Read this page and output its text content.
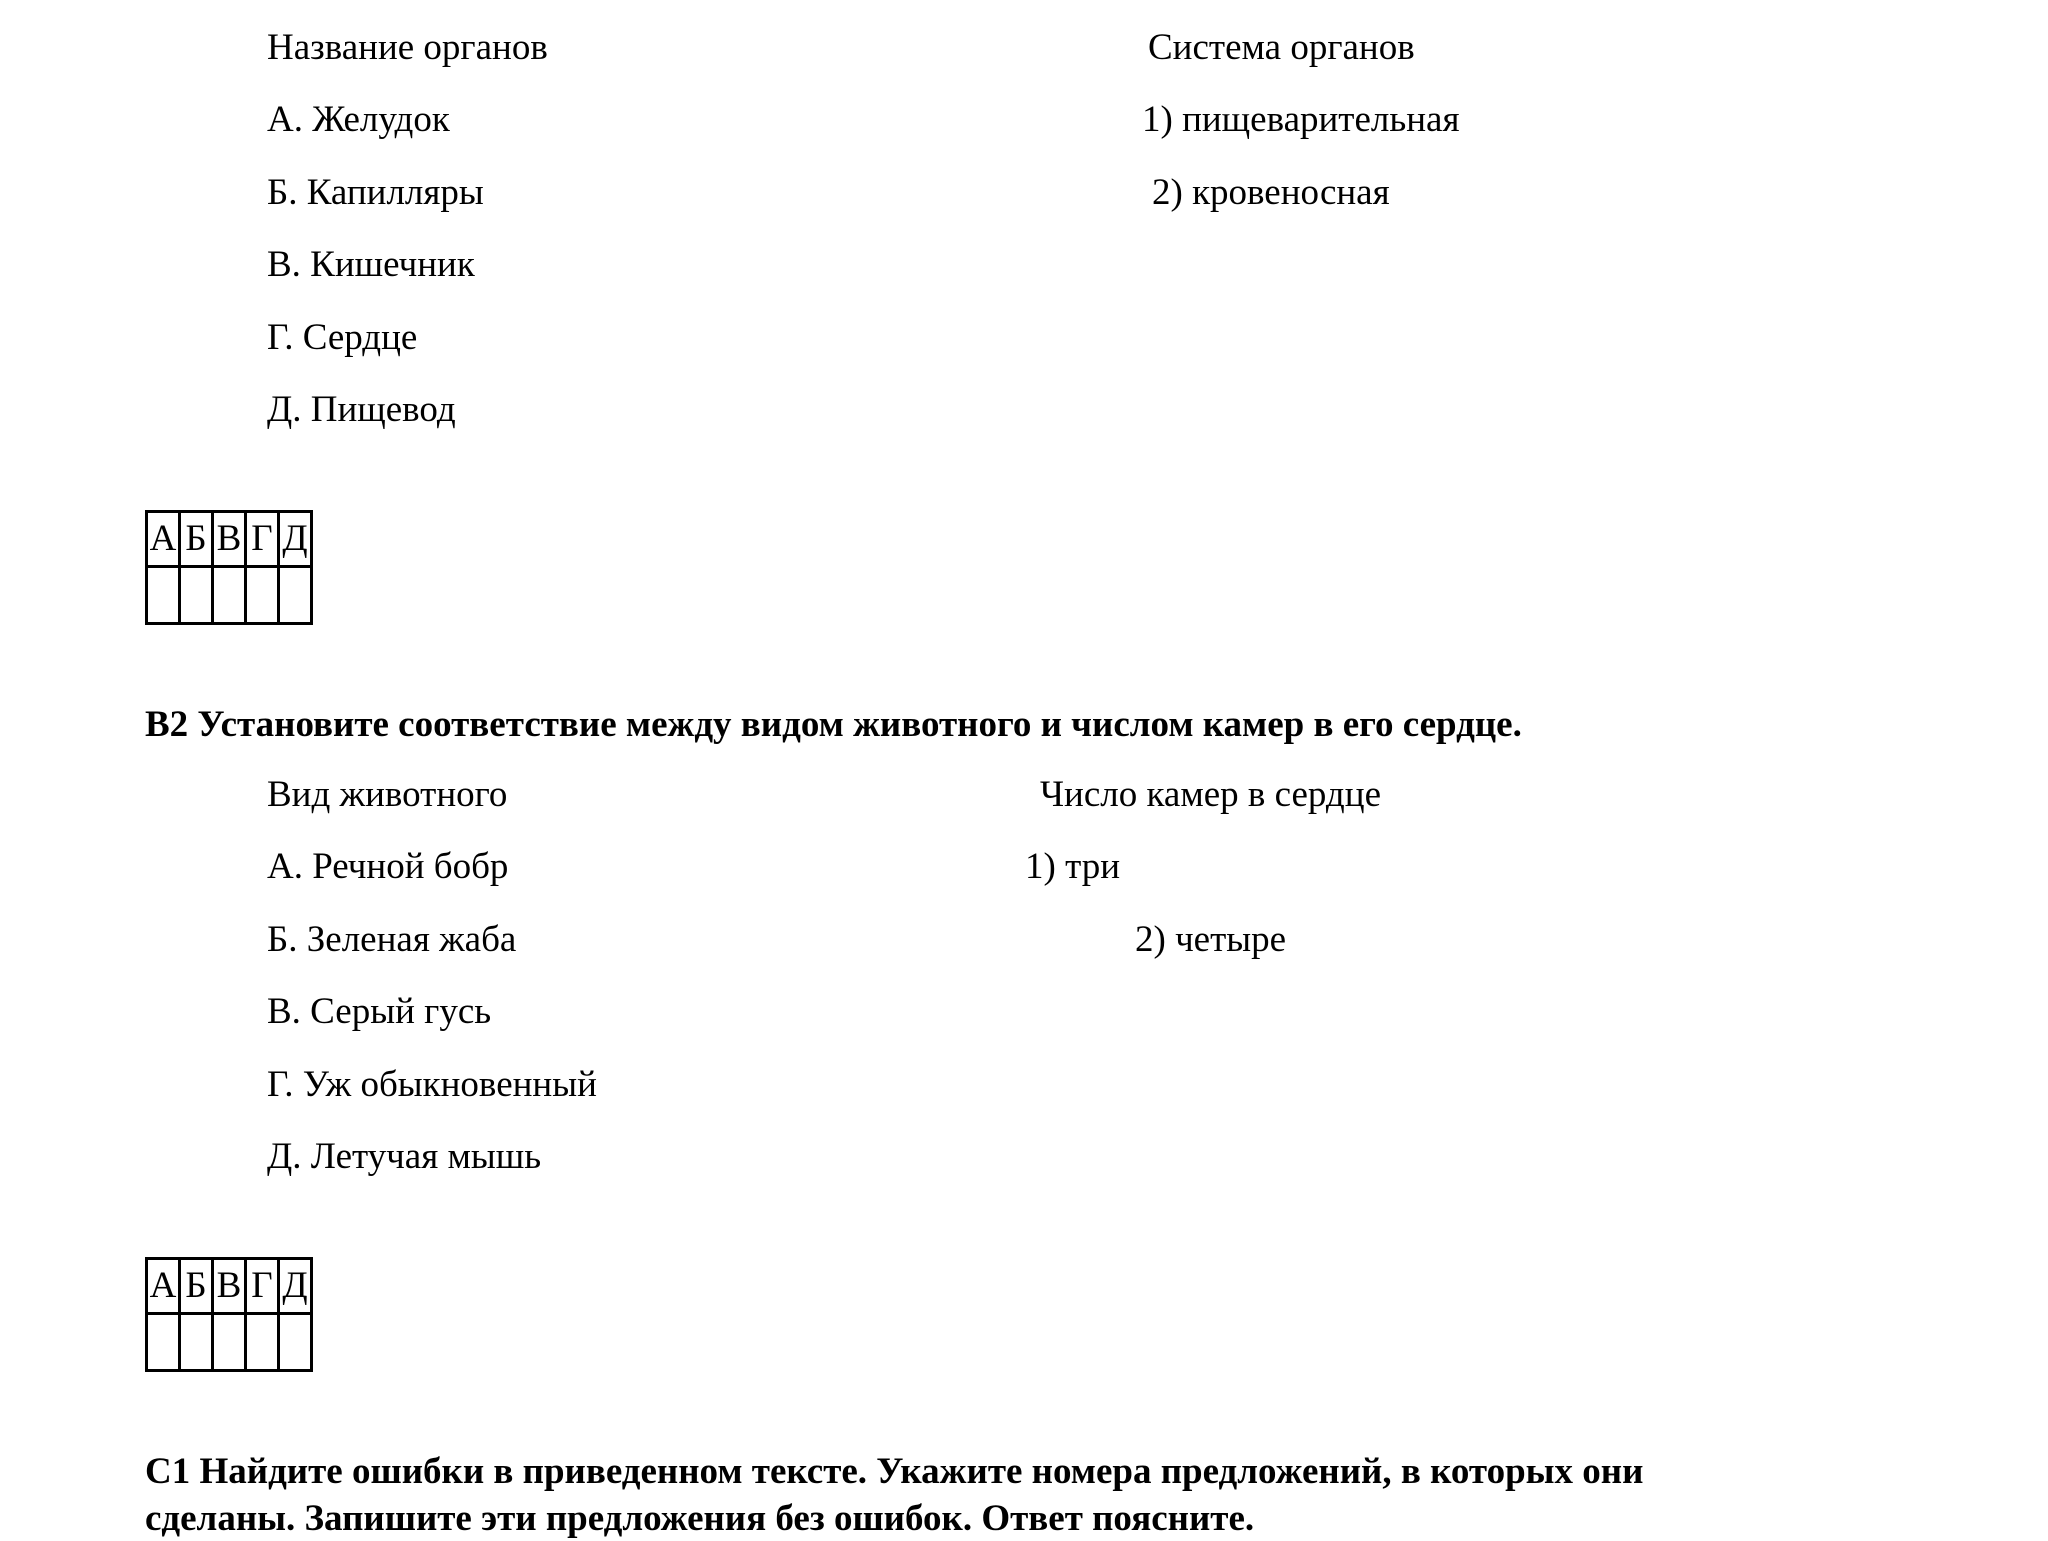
Название органов	Система органов
А. Желудок	1) пищеварительная
Б. Капилляры	2) кровеносная
В. Кишечник
Г. Сердце
Д. Пищевод
А	Б	В	Г	Д

В2 Установите соответствие между видом животного и числом камер в его сердце.
Вид животного	Число камер в сердце
А. Речной бобр	1) три
Б. Зеленая жаба	2) четыре
В. Серый гусь
Г. Уж обыкновенный
Д. Летучая мышь
А	Б	В	Г	Д

С1 Найдите ошибки в приведенном тексте. Укажите номера предложений, в которых они
сделаны. Запишите эти предложения без ошибок. Ответ поясните.
